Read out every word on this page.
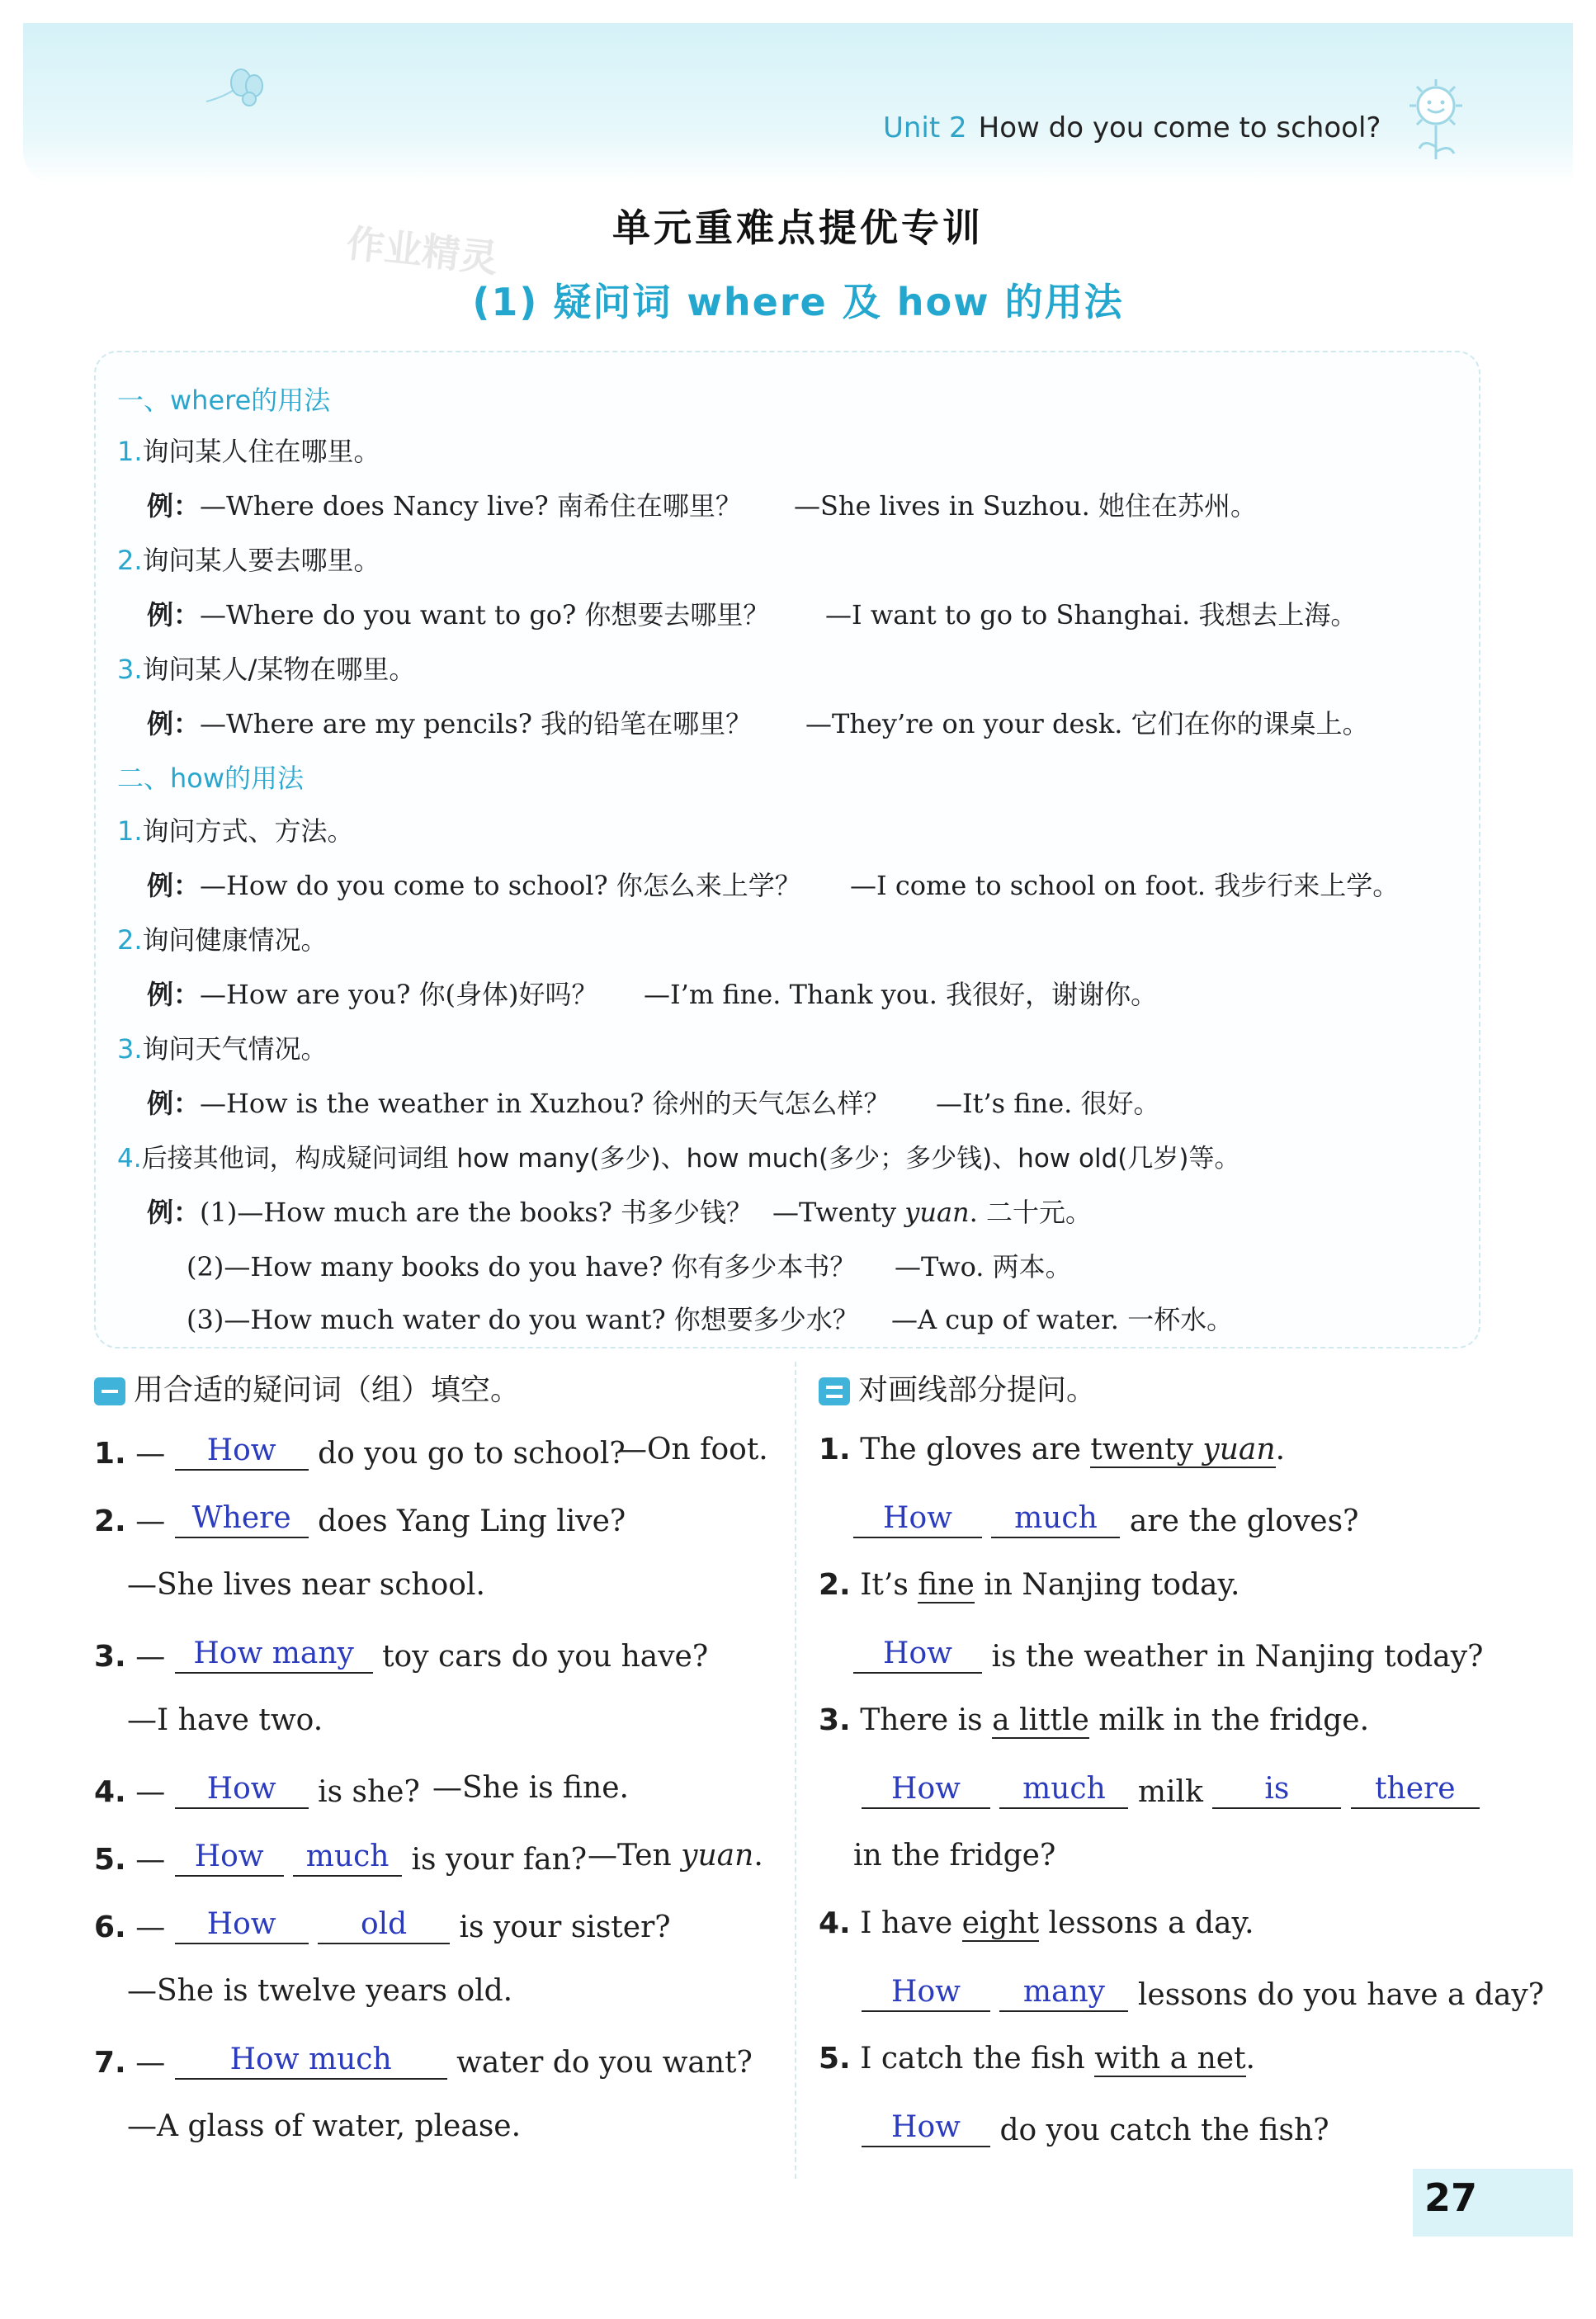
Unit 2 How do you come to school?
单元重难点提优专训
(1) 疑问词 where 及 how 的用法
作业精灵
一、where的用法
1.询问某人住在哪里。
例：—Where does Nancy live? 南希住在哪里？ —She lives in Suzhou. 她住在苏州。
2.询问某人要去哪里。
例：—Where do you want to go? 你想要去哪里？ —I want to go to Shanghai. 我想去上海。
3.询问某人/某物在哪里。
例：—Where are my pencils? 我的铅笔在哪里？ —They’re on your desk. 它们在你的课桌上。
二、how的用法
1.询问方式、方法。
例：—How do you come to school? 你怎么来上学？ —I come to school on foot. 我步行来上学。
2.询问健康情况。
例：—How are you? 你(身体)好吗？ —I’m fine. Thank you. 我很好，谢谢你。
3.询问天气情况。
例：—How is the weather in Xuzhou? 徐州的天气怎么样？ —It’s fine. 很好。
4.后接其他词，构成疑问词组 how many(多少)、how much(多少；多少钱)、how old(几岁)等。
例：(1)—How much are the books? 书多少钱？ —Twenty yuan. 二十元。
(2)—How many books do you have? 你有多少本书？ —Two. 两本。
(3)—How much water do you want? 你想要多少水？ —A cup of water. 一杯水。
用合适的疑问词（组）填空。
1. — How do you go to school?
—On foot.
2. — Where does Yang Ling live?
—She lives near school.
3. — How many toy cars do you have?
—I have two.
4. — How is she? —She is fine.
5. — How much is your fan? —Ten yuan.
6. — How	old is your sister?
—She is twelve years old.
7. — How much water do you want?
—A glass of water, please.
对画线部分提问。
1. The gloves are twenty yuan.
How much are the gloves?
2. It’s fine in Nanjing today.
How is the weather in Nanjing today?
3. There is a little milk in the fridge.
How much milk is	there
in the fridge?
4. I have eight lessons a day.
How many lessons do you have a day?
5. I catch the fish with a net.
How do you catch the fish?
27
